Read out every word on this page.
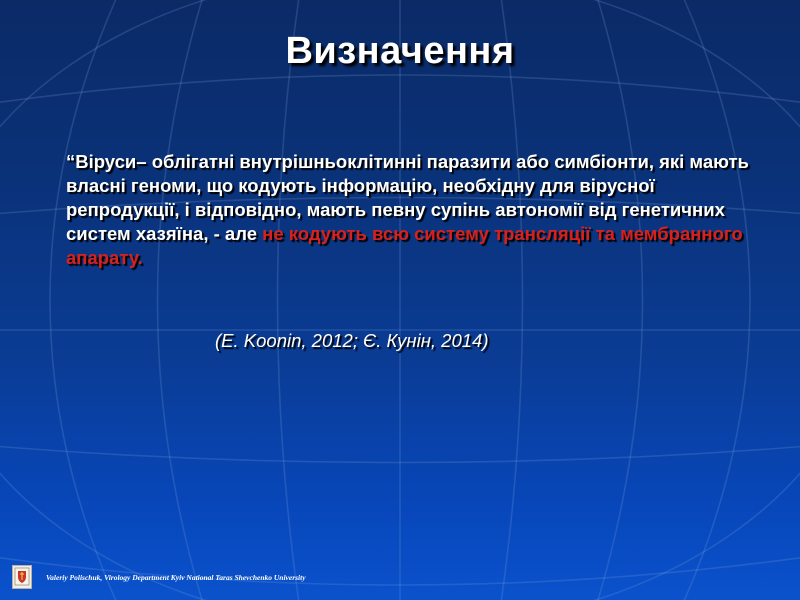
Визначення
“Віруси– облігатні внутрішньоклітинні паразити або симбіонти, які мають власні геноми, що кодують інформацію, необхідну для вірусної репродукції, і відповідно, мають певну супінь автономії від генетичних систем хазяїна, - але не кодують всю систему трансляції та мембранного апарату.
(E. Koonin, 2012; Є. Кунін, 2014)
Valeriy Polischuk, Virology Department Kyiv National Taras Shevchenko University
